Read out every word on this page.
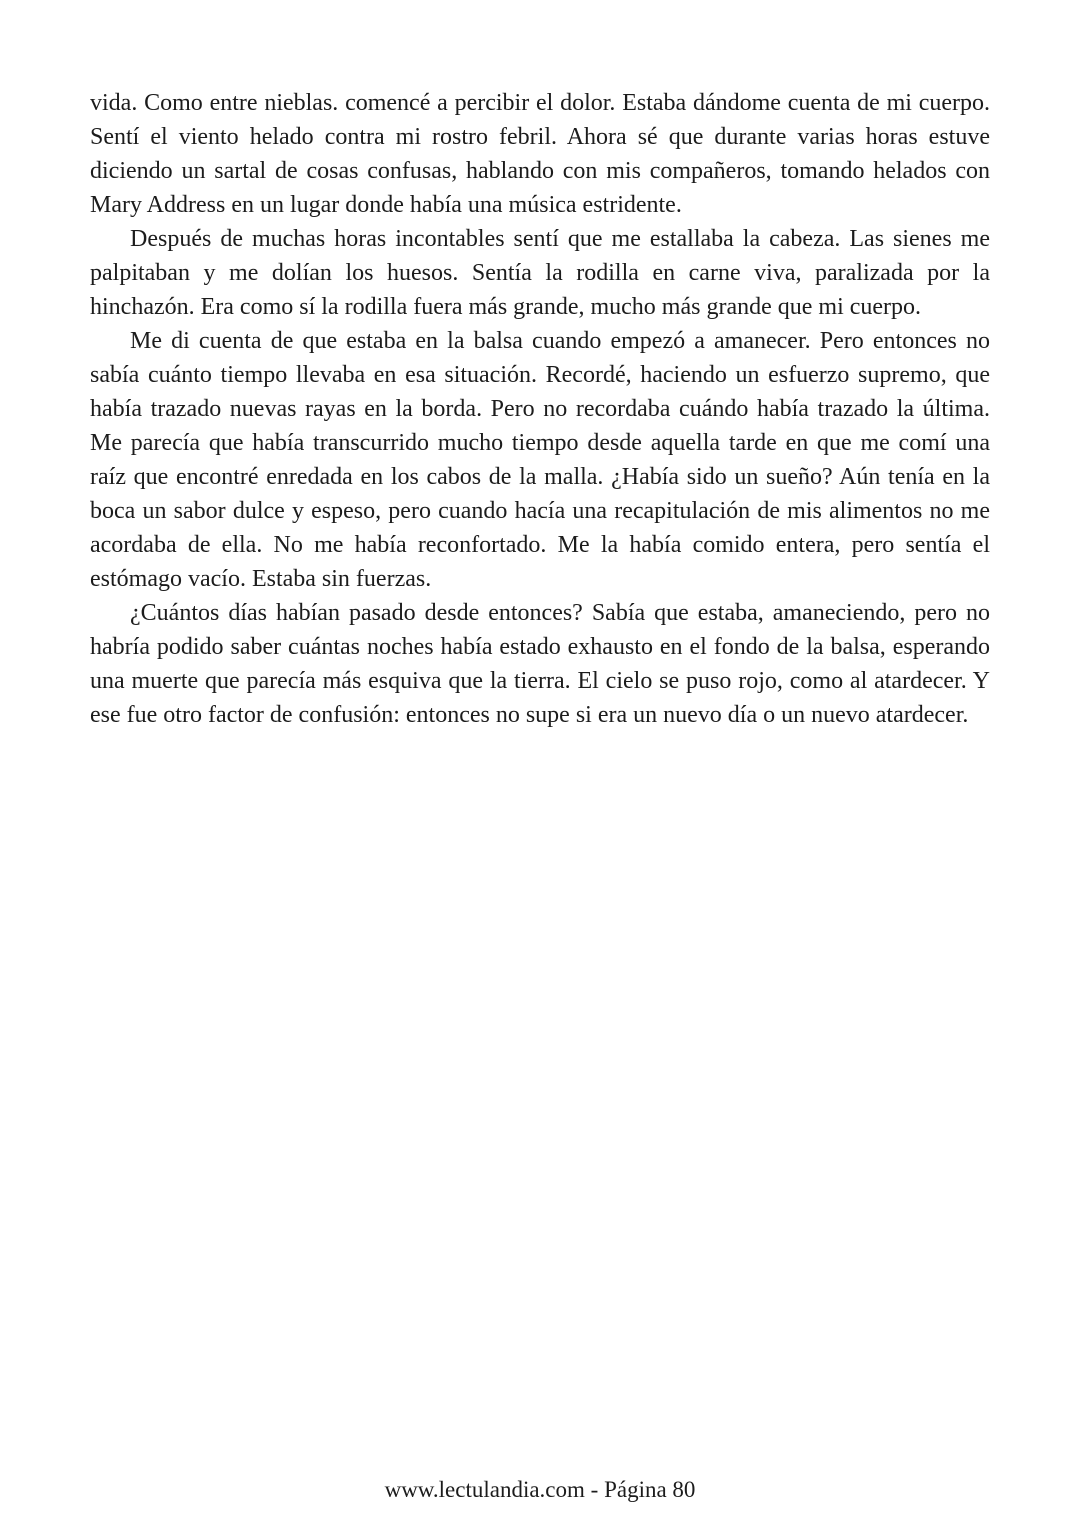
vida. Como entre nieblas. comencé a percibir el dolor. Estaba dándome cuenta de mi cuerpo. Sentí el viento helado contra mi rostro febril. Ahora sé que durante varias horas estuve diciendo un sartal de cosas confusas, hablando con mis compañeros, tomando helados con Mary Address en un lugar donde había una música estridente.

Después de muchas horas incontables sentí que me estallaba la cabeza. Las sienes me palpitaban y me dolían los huesos. Sentía la rodilla en carne viva, paralizada por la hinchazón. Era como sí la rodilla fuera más grande, mucho más grande que mi cuerpo.

Me di cuenta de que estaba en la balsa cuando empezó a amanecer. Pero entonces no sabía cuánto tiempo llevaba en esa situación. Recordé, haciendo un esfuerzo supremo, que había trazado nuevas rayas en la borda. Pero no recordaba cuándo había trazado la última. Me parecía que había transcurrido mucho tiempo desde aquella tarde en que me comí una raíz que encontré enredada en los cabos de la malla. ¿Había sido un sueño? Aún tenía en la boca un sabor dulce y espeso, pero cuando hacía una recapitulación de mis alimentos no me acordaba de ella. No me había reconfortado. Me la había comido entera, pero sentía el estómago vacío. Estaba sin fuerzas.

¿Cuántos días habían pasado desde entonces? Sabía que estaba, amaneciendo, pero no habría podido saber cuántas noches había estado exhausto en el fondo de la balsa, esperando una muerte que parecía más esquiva que la tierra. El cielo se puso rojo, como al atardecer. Y ese fue otro factor de confusión: entonces no supe si era un nuevo día o un nuevo atardecer.

www.lectulandia.com - Página 80
